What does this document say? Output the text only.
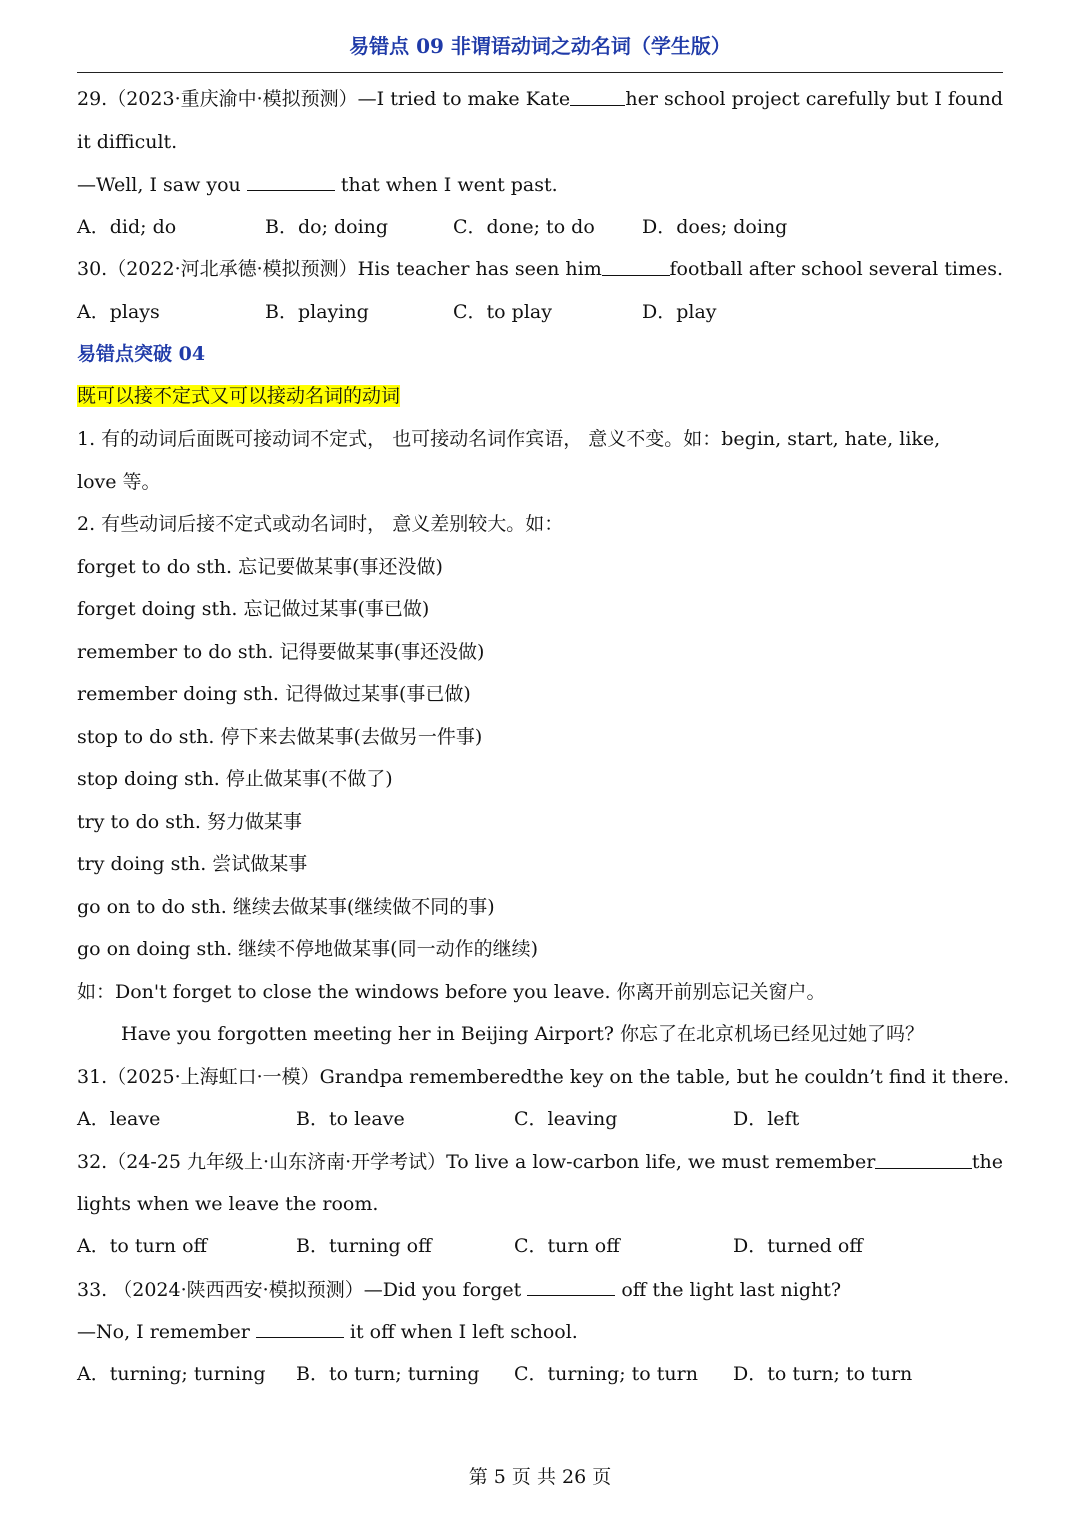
易错点 09 非谓语动词之动名词（学生版）
29.（2023·重庆渝中·模拟预测）—I tried to make Kate	her school project carefully but I found
it difficult.
—Well, I saw you	that when I went past.
A．did; do	B．do; doing	C．done; to do D．does; doing
30.（2022·河北承德·模拟预测）His teacher has seen him	football after school several times.
A．plays	B．playing	C．to play	D．play
易错点突破 04
既可以接不定式又可以接动名词的动词
1. 有的动词后面既可接动词不定式， 也可接动名词作宾语， 意义不变。如：begin, start, hate, like,
love 等。
2. 有些动词后接不定式或动名词时， 意义差别较大。如：
forget to do sth. 忘记要做某事(事还没做)
forget doing sth. 忘记做过某事(事已做)
remember to do sth. 记得要做某事(事还没做)
remember doing sth. 记得做过某事(事已做)
stop to do sth. 停下来去做某事(去做另一件事)
stop doing sth. 停止做某事(不做了)
try to do sth. 努力做某事
try doing sth. 尝试做某事
go on to do sth. 继续去做某事(继续做不同的事)
go on doing sth. 继续不停地做某事(同一动作的继续)
如：Don't forget to close the windows before you leave. 你离开前别忘记关窗户。
Have you forgotten meeting her in Beijing Airport? 你忘了在北京机场已经见过她了吗？
31.（2025·上海虹口·一模）Grandpa remembered the key on the table, but he couldn’t find it there.
A．leave	B．to leave	C．leaving	D．left
32.（24-25 九年级上·山东济南·开学考试）To live a low-carbon life, we must remember	the
lights when we leave the room.
A．to turn off	B．turning off	C．turn off	D．turned off
33. （2024·陕西西安·模拟预测）—Did you forget	off the light last night?
—No, I remember	it off when I left school.
A．turning; turning B．to turn; turning C．turning; to turn D．to turn; to turn
第 5 页 共 26 页
